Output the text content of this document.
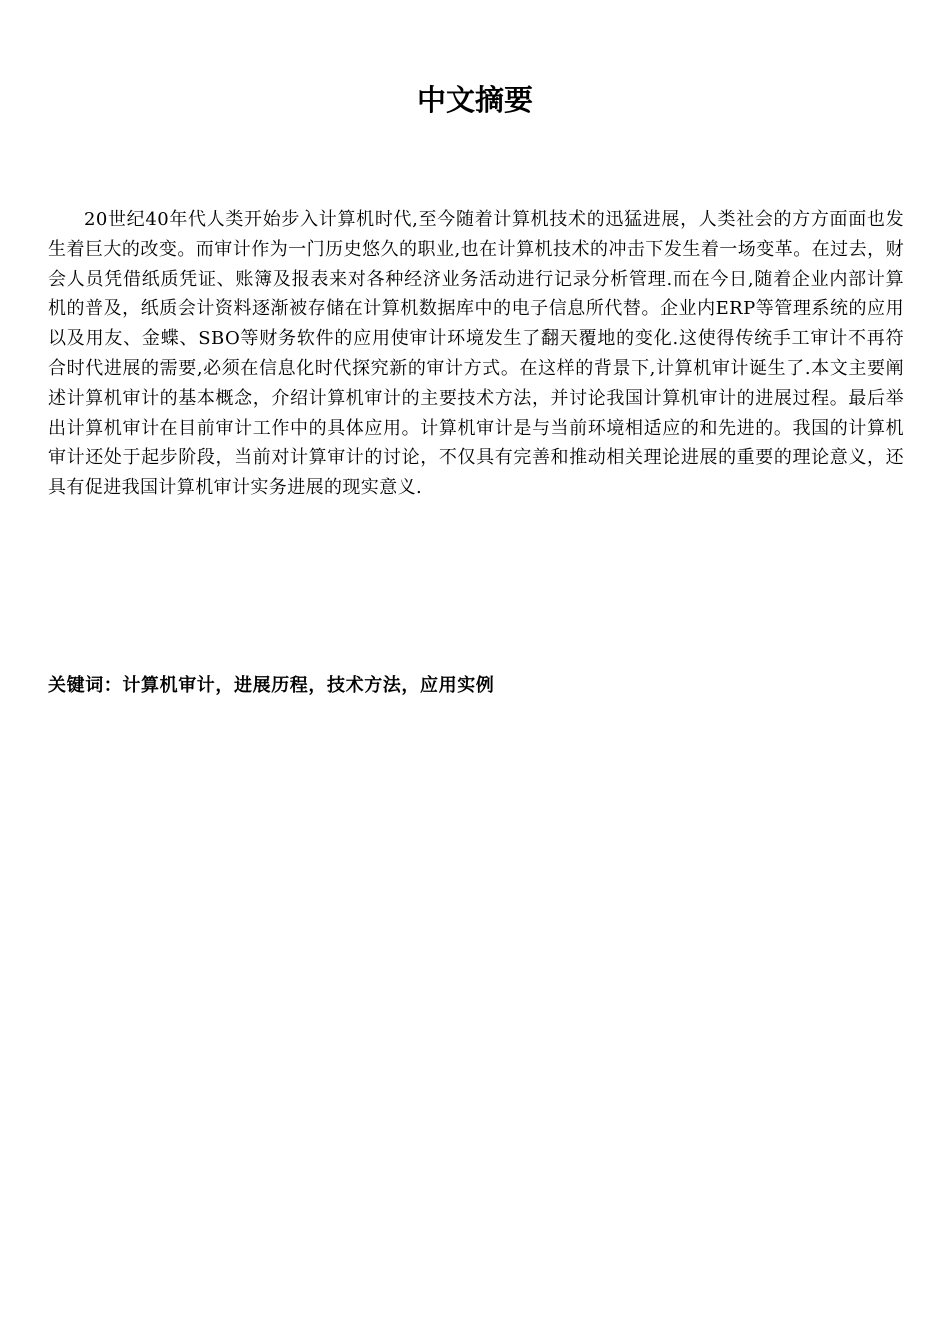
中文摘要

20世纪40年代人类开始步入计算机时代,至今随着计算机技术的迅猛进展，人类社会的方方面面也发生着巨大的改变。而审计作为一门历史悠久的职业,也在计算机技术的冲击下发生着一场变革。在过去，财会人员凭借纸质凭证、账簿及报表来对各种经济业务活动进行记录分析管理.而在今日,随着企业内部计算机的普及，纸质会计资料逐渐被存储在计算机数据库中的电子信息所代替。企业内ERP等管理系统的应用以及用友、金蝶、SBO等财务软件的应用使审计环境发生了翻天覆地的变化.这使得传统手工审计不再符合时代进展的需要,必须在信息化时代探究新的审计方式。在这样的背景下,计算机审计诞生了.本文主要阐述计算机审计的基本概念，介绍计算机审计的主要技术方法，并讨论我国计算机审计的进展过程。最后举出计算机审计在目前审计工作中的具体应用。计算机审计是与当前环境相适应的和先进的。我国的计算机审计还处于起步阶段，当前对计算审计的讨论，不仅具有完善和推动相关理论进展的重要的理论意义，还具有促进我国计算机审计实务进展的现实意义.

关键词：计算机审计，进展历程，技术方法，应用实例
